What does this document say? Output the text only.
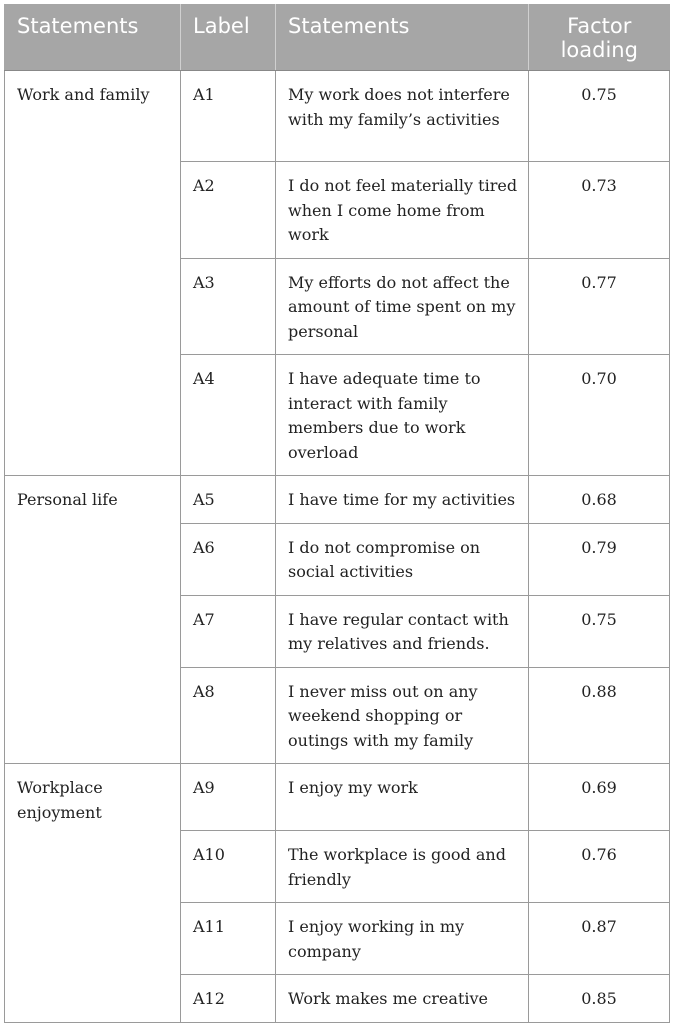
Statements	Label	Statements	Factor loading
Work and family	A1	My work does not interfere with my family’s activities	0.75
	A2	I do not feel materially tired when I come home from work	0.73
	A3	My efforts do not affect the amount of time spent on my personal	0.77
	A4	I have adequate time to interact with family members due to work overload	0.70
Personal life	A5	I have time for my activities	0.68
	A6	I do not compromise on social activities	0.79
	A7	I have regular contact with my relatives and friends.	0.75
	A8	I never miss out on any weekend shopping or outings with my family	0.88
Workplace enjoyment	A9	I enjoy my work	0.69
	A10	The workplace is good and friendly	0.76
	A11	I enjoy working in my company	0.87
	A12	Work makes me creative	0.85
